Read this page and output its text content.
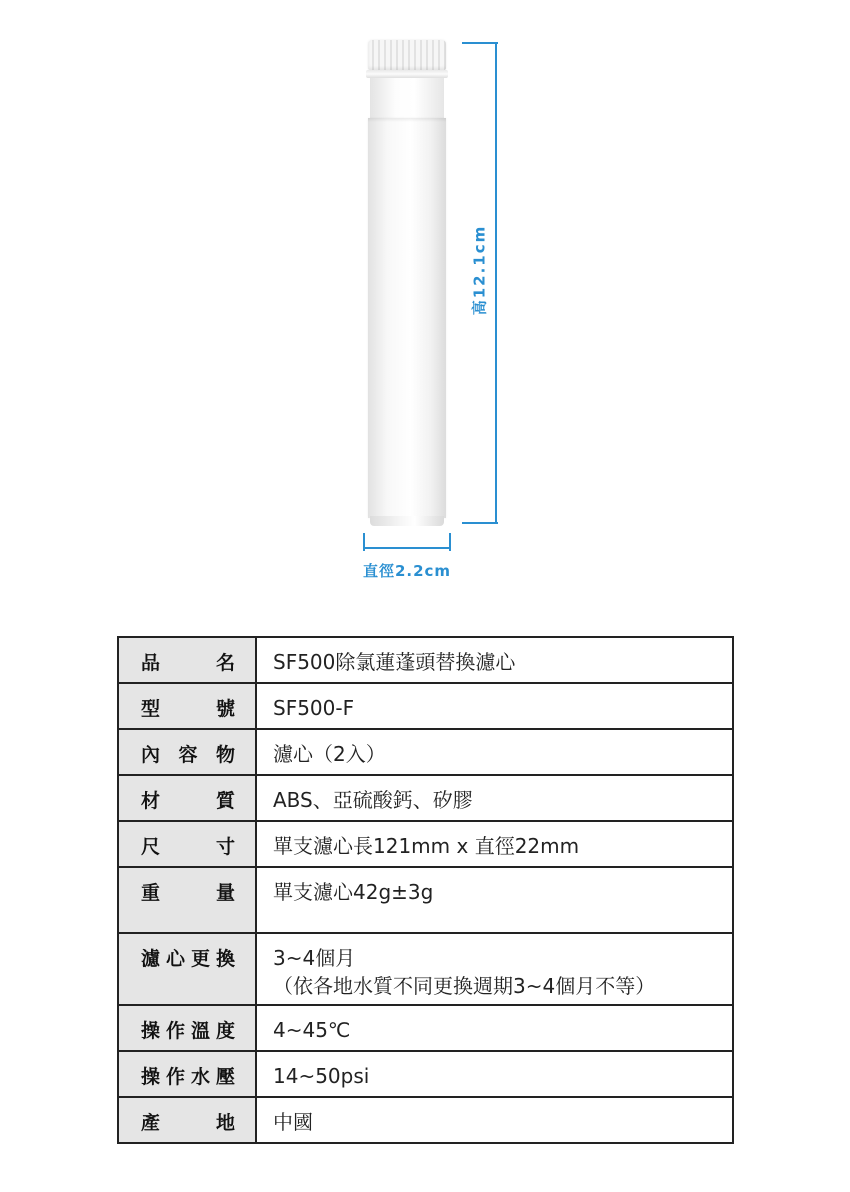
高12.1cm
直徑2.2cm
品　名	SF500除氯蓮蓬頭替換濾心

型　號	SF500-F

內容物	濾心（2入）

材　質	ABS、亞硫酸鈣、矽膠

尺　寸	單支濾心長121mm x 直徑22mm

重　量	單支濾心42g±3g

濾心更換	3~4個月
（依各地水質不同更換週期3~4個月不等）

操作溫度	4~45℃

操作水壓	14~50psi

產　地	中國
